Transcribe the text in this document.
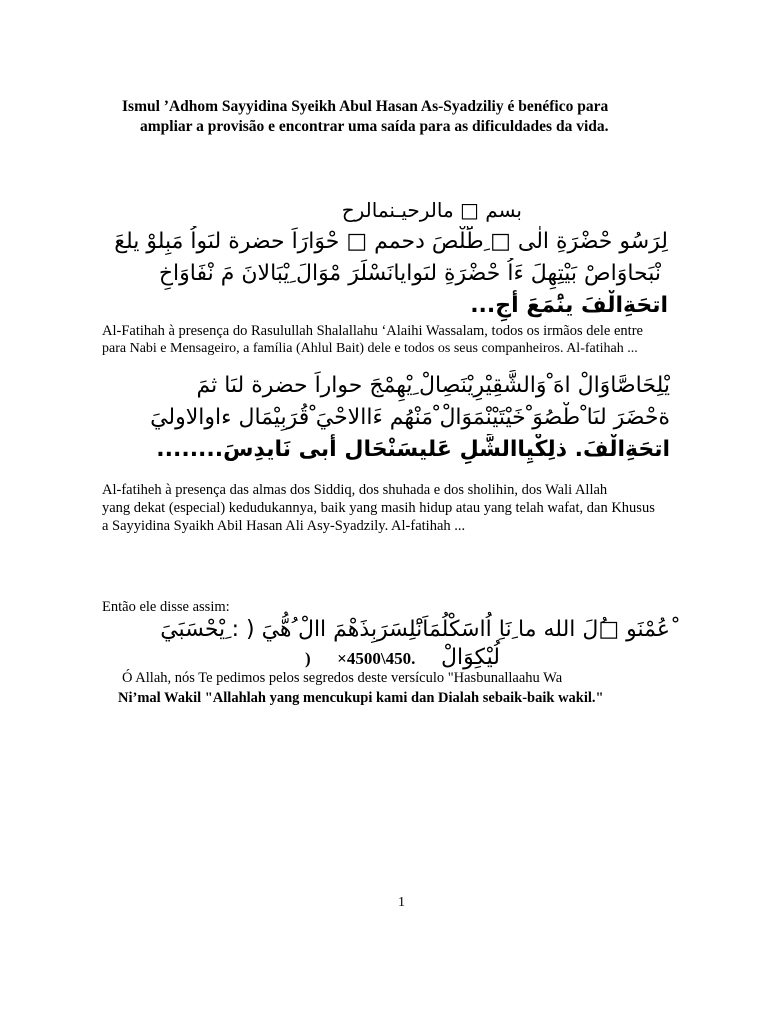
Ismul ʼAdhom Sayyidina Syeikh Abul Hasan As-Syadziliy é benéfico para
ampliar a provisão e encontrar uma saída para as dificuldades da vida.
بسم □ مالرحيـنمالرح
لِرَسُو حْضْرَةِ الٰى □ ِطَْلْصَ دحمم □ حْوَارَاَ حضرة لىَواُ مَبِلوْ يلعَ
ِ نْبَحاوَاصْ بَيْتِهِلَ ءَاُ حْضْرَةِ لىَوايانَسْلَرَ مْوَالَ ِيْبَالانَ مَ نْفَاوَاخِ
اتحَةِالْفَ ينَْمَعَ أجِ...
Al-Fatihah à presença do Rasulullah Shalallahu ‘Alaihi Wassalam, todos os irmãos dele entre
para Nabi e Mensageiro, a família (Ahlul Bait) dele e todos os seus companheiros. Al-fatihah ...
ِيْلِحَاصَّاوَالْ اهَ ْوَالشَّقِيْرِيْنَصِالْ ِيْهِمْجَ حواراَ حضرة لىَا ثمَ
ةحْضَرَ لىَا ْطْصُوَ ْخَيْتَيْنْمَوَالْ ْمَنْهُم ءَاالاحْيَ ْقُرَبِيْمَال ءاوالاوليَ
اتحَةِالْفَ. ذلِكْيِاالشَّلِِ عََليسَنْحَال أَبى نَايدِسَ........
Al-fatiheh à presença das almas dos Siddiq, dos shuhada e dos sholihin, dos Wali Allah
yang dekat (especial) kedudukannya, baik yang masih hidup atau yang telah wafat, dan Khusus
a Sayyidina Syaikh Abil Hasan Ali Asy-Syadzily. Al-fatihah ...
Então ele disse assim:
ْعُمْنَو □ُلَ الله ما ِنَاِ اُاسََكْلُمَاَنَْلِسَرَبِذَهْمَ االْ ُهُّيَ ( : ِيْحْسَبَيَ
لُيْكِوَالْ
) ×4500\450.
Ó Allah, nós Te pedimos pelos segredos deste versículo "Hasbunallaahu Wa
Ni’mal Wakil "Allahlah yang mencukupi kami dan Dialah sebaik-baik wakil."
1
